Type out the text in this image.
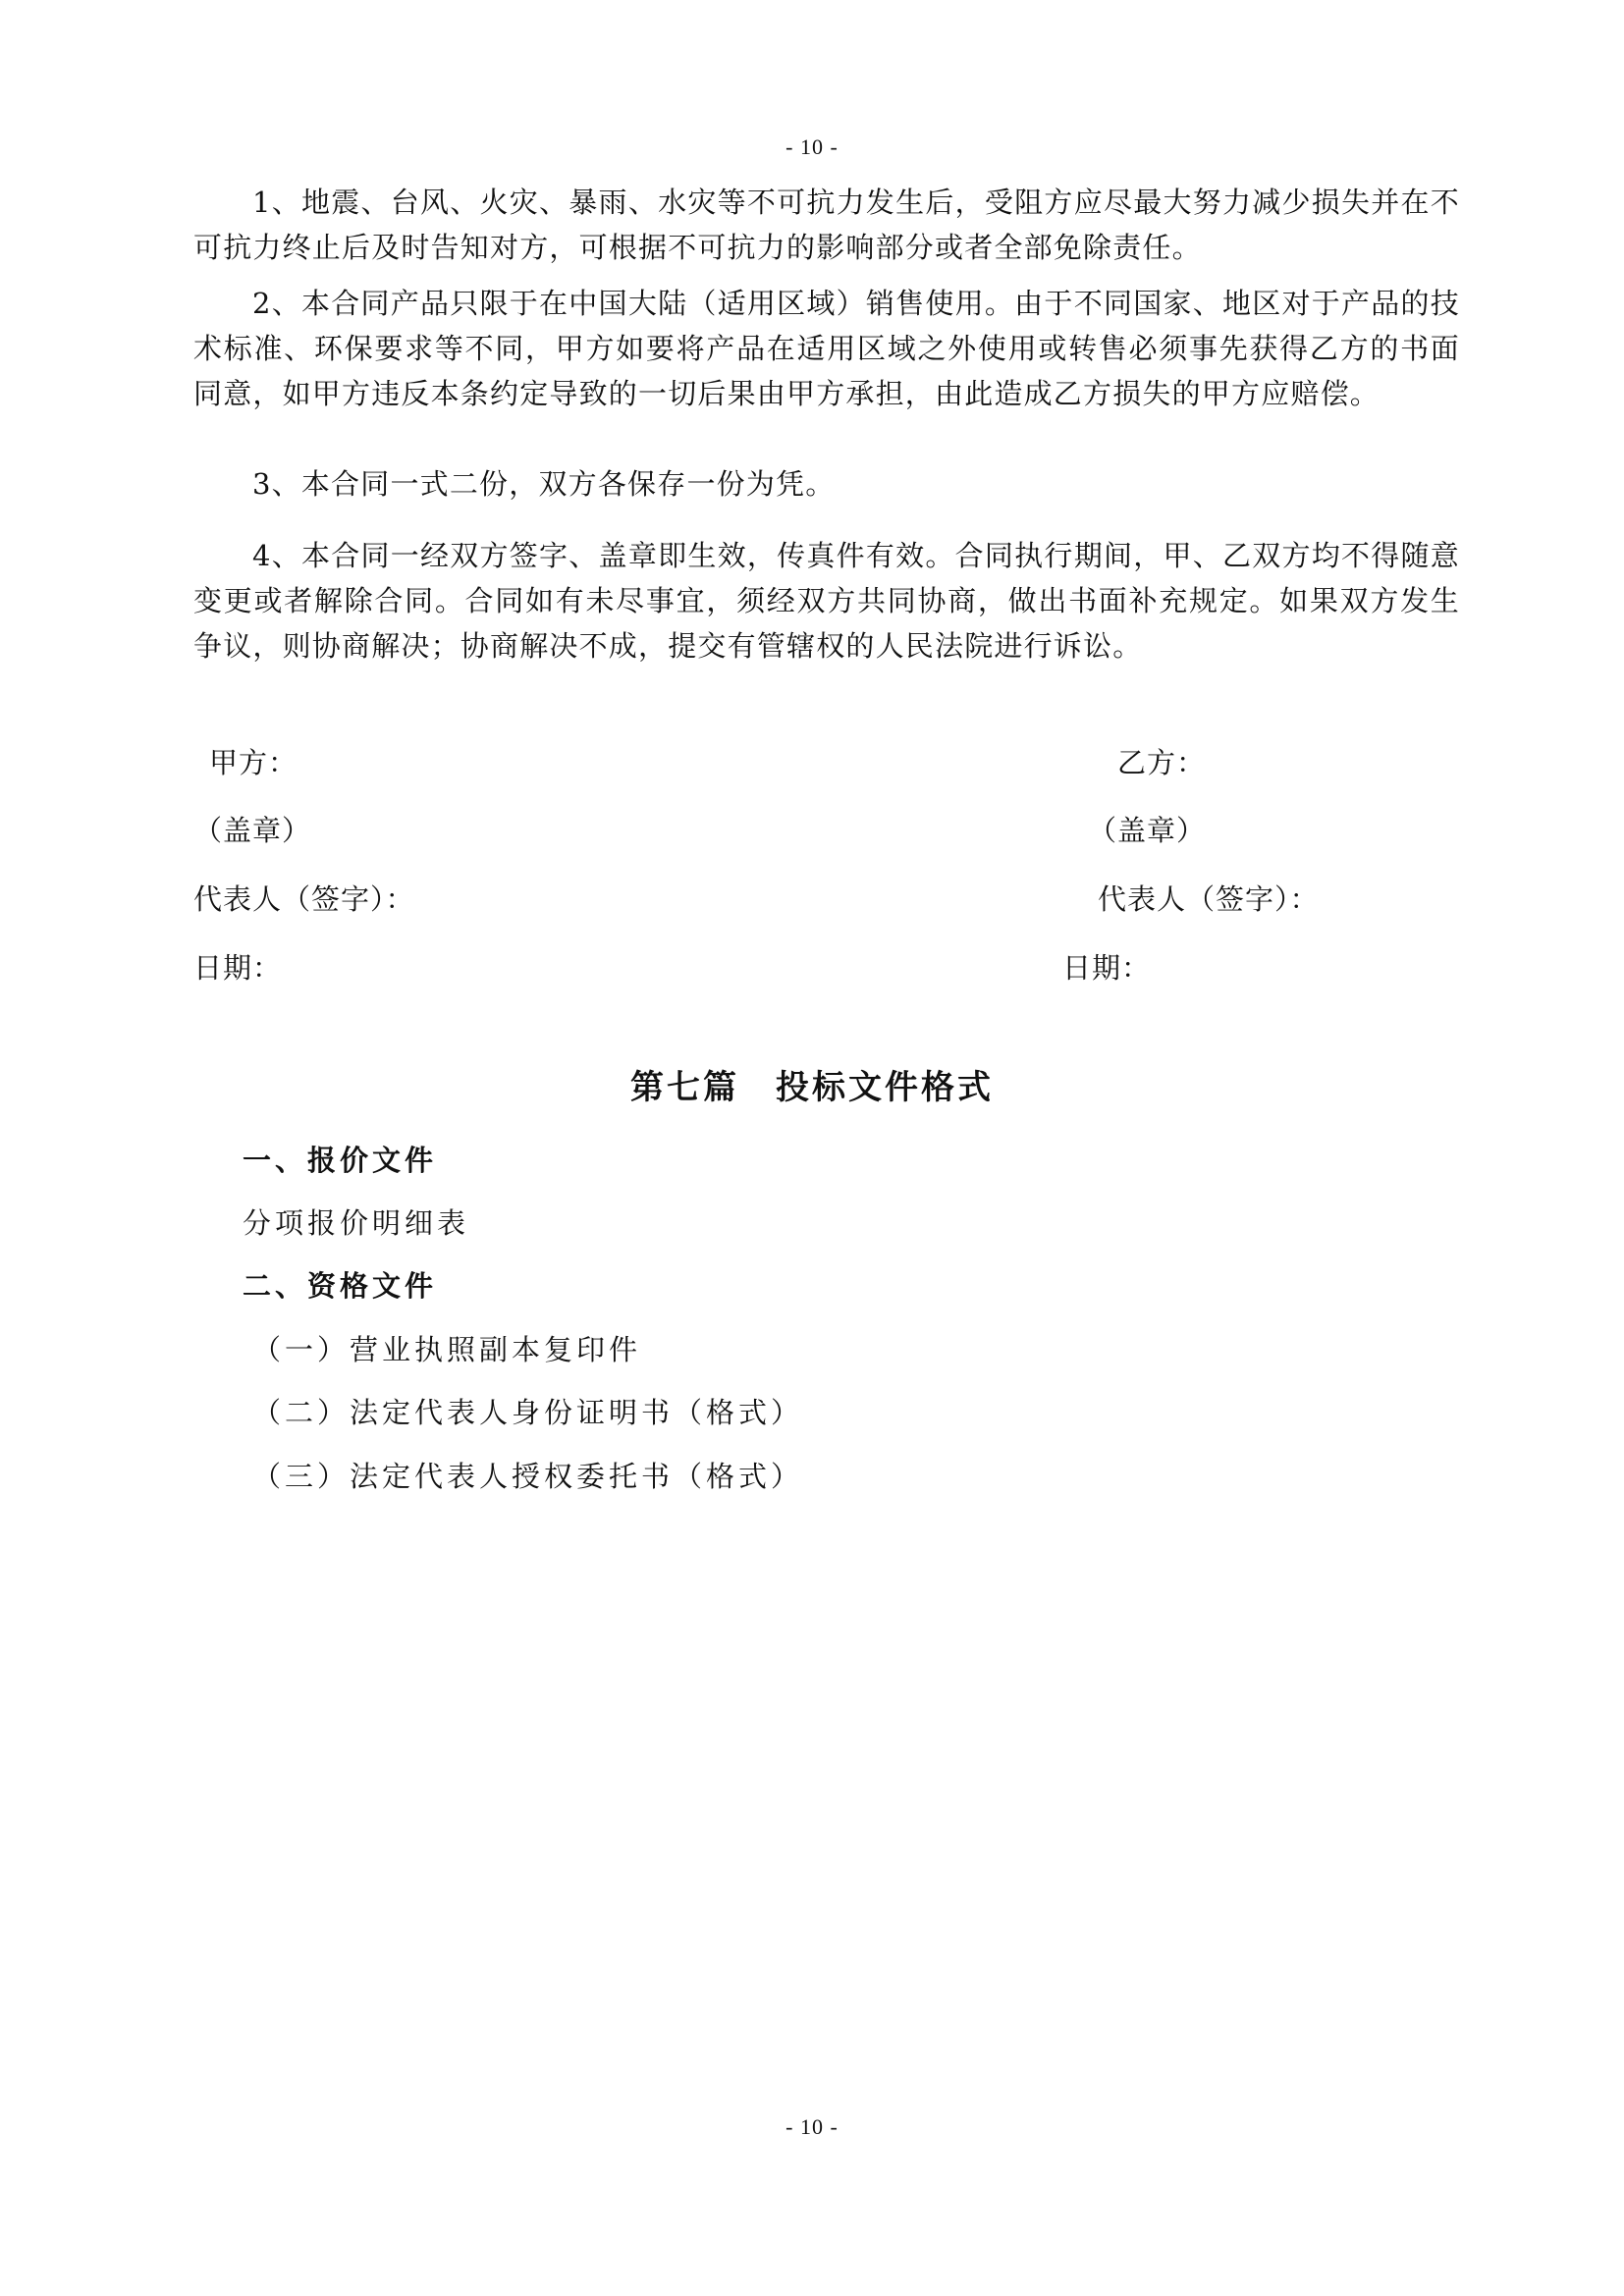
- 10 -
1、地震、台风、火灾、暴雨、水灾等不可抗力发生后，受阻方应尽最大努力减少损失并在不可抗力终止后及时告知对方，可根据不可抗力的影响部分或者全部免除责任。
2、本合同产品只限于在中国大陆（适用区域）销售使用。由于不同国家、地区对于产品的技术标准、环保要求等不同，甲方如要将产品在适用区域之外使用或转售必须事先获得乙方的书面同意，如甲方违反本条约定导致的一切后果由甲方承担，由此造成乙方损失的甲方应赔偿。
3、本合同一式二份，双方各保存一份为凭。
4、本合同一经双方签字、盖章即生效，传真件有效。合同执行期间，甲、乙双方均不得随意变更或者解除合同。合同如有未尽事宜，须经双方共同协商，做出书面补充规定。如果双方发生争议，则协商解决；协商解决不成，提交有管辖权的人民法院进行诉讼。
甲方：
（盖章）
代表人（签字）：
日期：
乙方：
（盖章）
代表人（签字）：
日期：
第七篇　投标文件格式
一、报价文件
分项报价明细表
二、资格文件
（一）营业执照副本复印件
（二）法定代表人身份证明书（格式）
（三）法定代表人授权委托书（格式）
- 10 -
